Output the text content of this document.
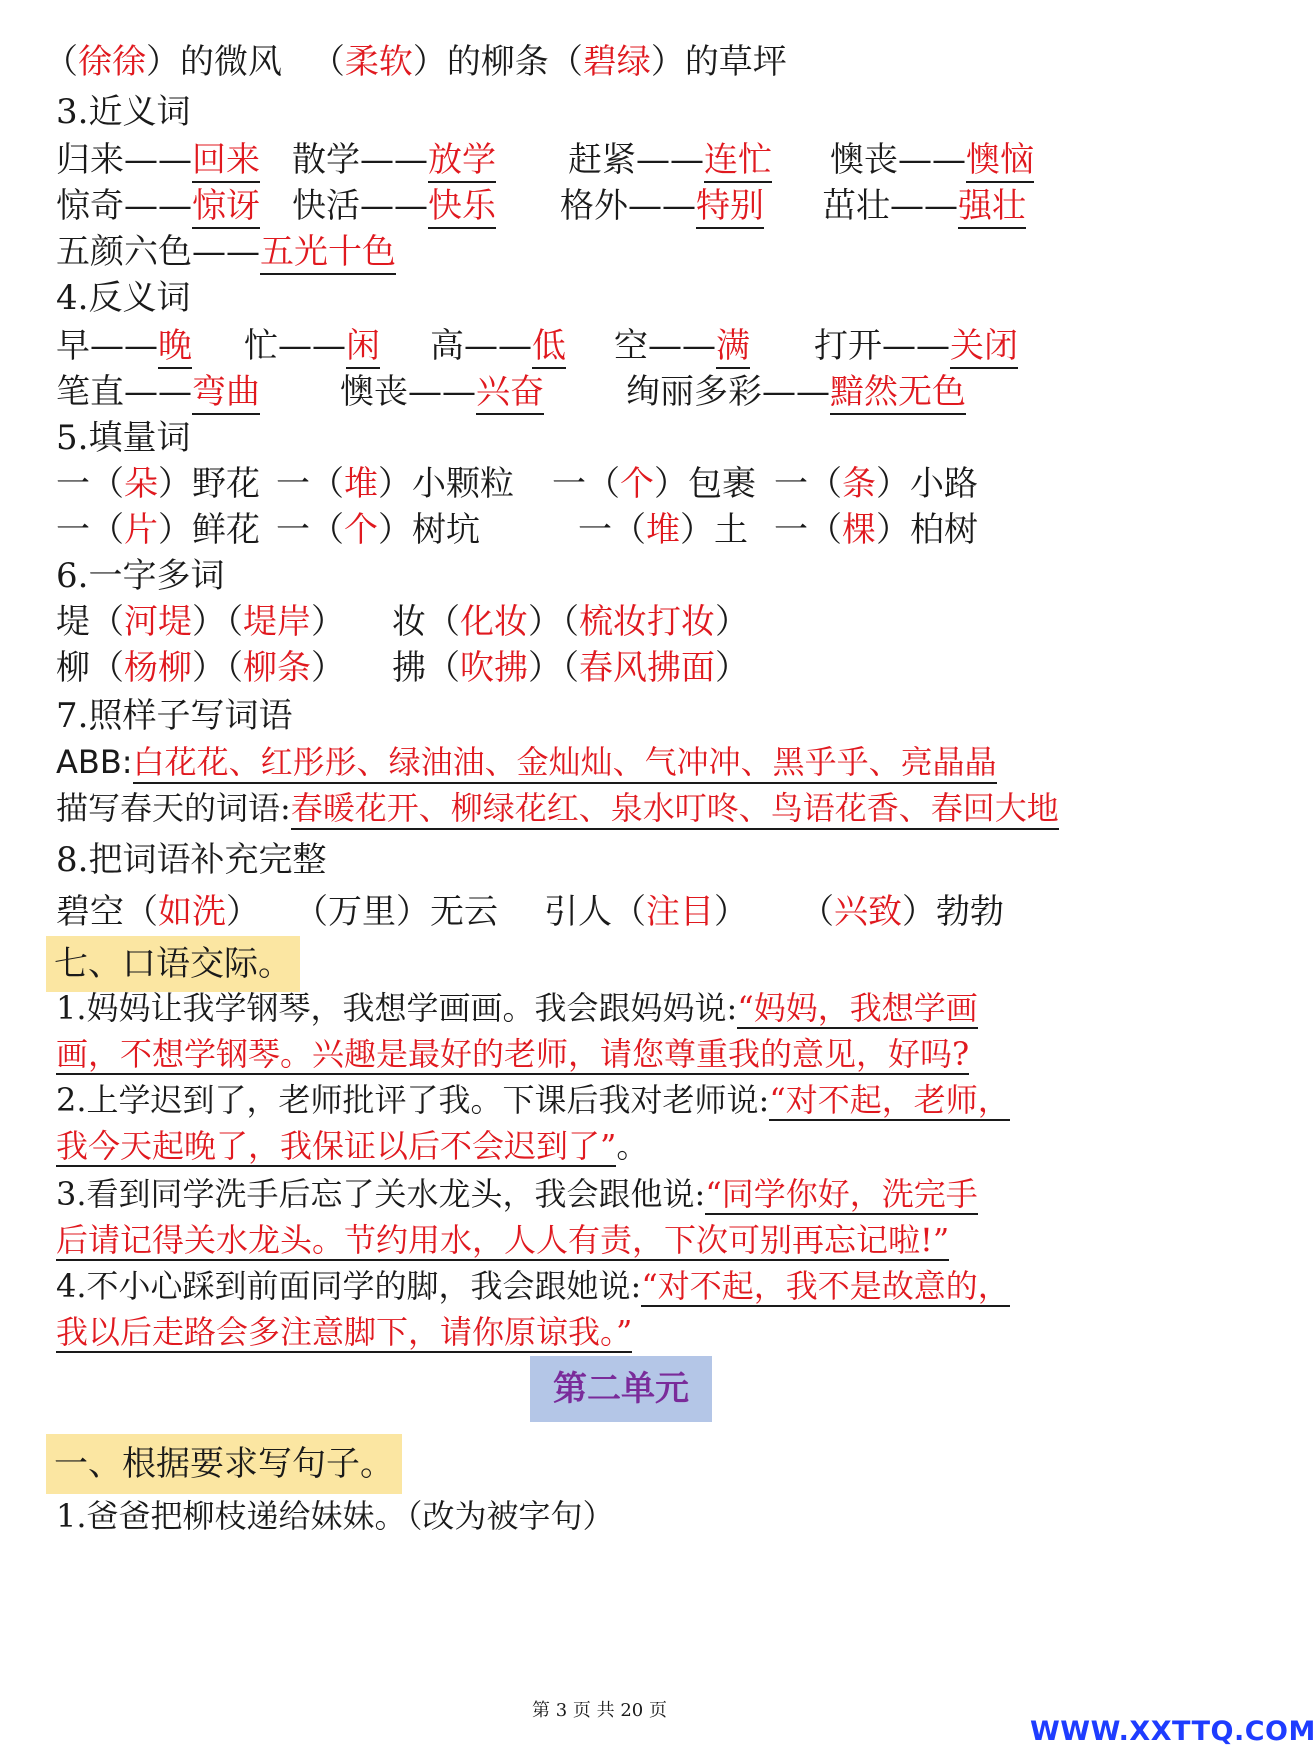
（徐徐）的微风 （柔软）的柳条（碧绿）的草坪
3.近义词
归来——回来 散学——放学 赶紧——连忙 懊丧——懊恼
惊奇——惊讶 快活——快乐 格外——特别 茁壮——强壮
五颜六色——五光十色
4.反义词
早——晚 忙——闲 高——低 空——满 打开——关闭
笔直——弯曲 懊丧——兴奋 绚丽多彩——黯然无色
5.填量词
一（朵）野花 一（堆）小颗粒 一（个）包裹 一（条）小路
一（片）鲜花 一（个）树坑	一（堆）土 一（棵）柏树
6.一字多词
堤（河堤）（堤岸） 妆（化妆）（梳妆打妆）
柳（杨柳）（柳条） 拂（吹拂）（春风拂面）
7.照样子写词语
ABB:白花花、红彤彤、绿油油、金灿灿、气冲冲、黑乎乎、亮晶晶
描写春天的词语:春暖花开、柳绿花红、泉水叮咚、鸟语花香、春回大地
8.把词语补充完整
碧空（如洗） （万里）无云 引人（注目） （兴致）勃勃
七、口语交际。
1.妈妈让我学钢琴，我想学画画。我会跟妈妈说:“妈妈，我想学画
画，不想学钢琴。兴趣是最好的老师，请您尊重我的意见，好吗?
2.上学迟到了，老师批评了我。下课后我对老师说:“对不起，老师，
我今天起晚了，我保证以后不会迟到了”。
3.看到同学洗手后忘了关水龙头，我会跟他说:“同学你好，洗完手
后请记得关水龙头。节约用水，人人有责，下次可别再忘记啦!”
4.不小心踩到前面同学的脚，我会跟她说:“对不起，我不是故意的，
我以后走路会多注意脚下，请你原谅我。”
第二单元
一、根据要求写句子。
1.爸爸把柳枝递给妹妹。（改为被字句）
第 3 页 共 20 页
WWW.XXTTQ.COM
